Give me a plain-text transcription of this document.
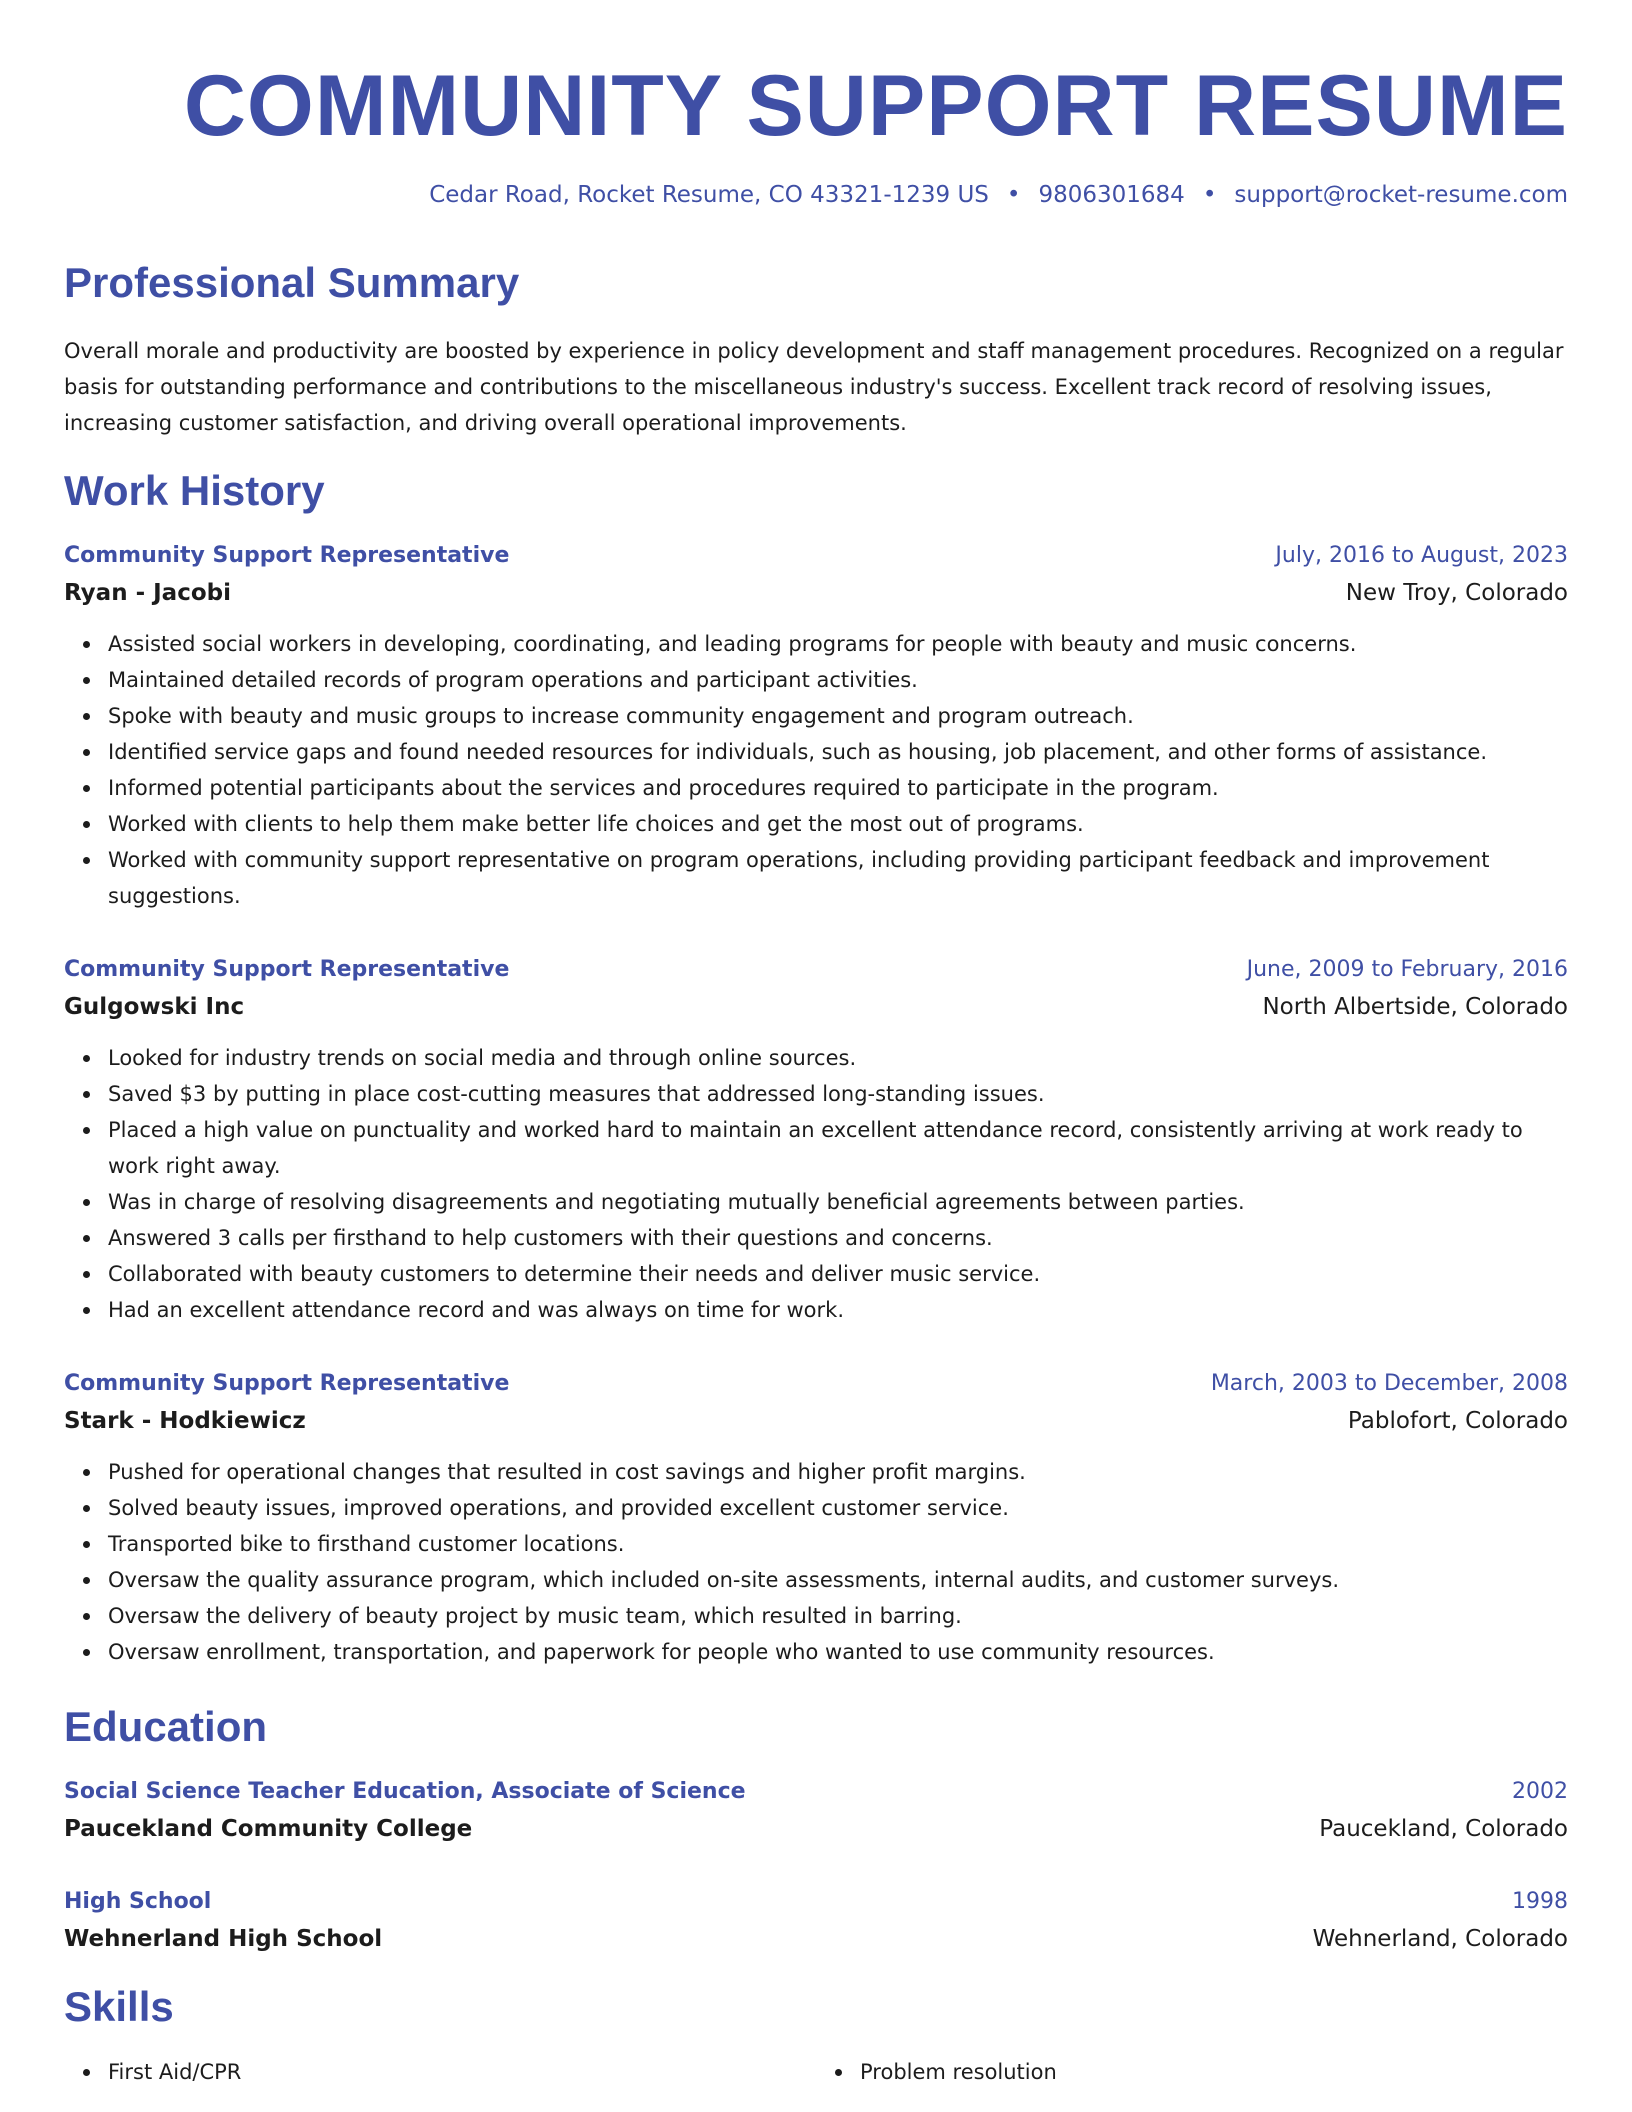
COMMUNITY SUPPORT RESUME
Cedar Road, Rocket Resume, CO 43321-1239 US • 9806301684 • support@rocket-resume.com
Professional Summary

Overall morale and productivity are boosted by experience in policy development and staff management procedures. Recognized on a regular basis for outstanding performance and contributions to the miscellaneous industry's success. Excellent track record of resolving issues, increasing customer satisfaction, and driving overall operational improvements.

Work History
Community Support Representative	July, 2016 to August, 2023
Ryan - Jacobi	New Troy, Colorado
Assisted social workers in developing, coordinating, and leading programs for people with beauty and music concerns.
Maintained detailed records of program operations and participant activities.
Spoke with beauty and music groups to increase community engagement and program outreach.
Identified service gaps and found needed resources for individuals, such as housing, job placement, and other forms of assistance.
Informed potential participants about the services and procedures required to participate in the program.
Worked with clients to help them make better life choices and get the most out of programs.
Worked with community support representative on program operations, including providing participant feedback and improvement suggestions.
Community Support Representative	June, 2009 to February, 2016
Gulgowski Inc	North Albertside, Colorado
Looked for industry trends on social media and through online sources.
Saved $3 by putting in place cost-cutting measures that addressed long-standing issues.
Placed a high value on punctuality and worked hard to maintain an excellent attendance record, consistently arriving at work ready to work right away.
Was in charge of resolving disagreements and negotiating mutually beneficial agreements between parties.
Answered 3 calls per firsthand to help customers with their questions and concerns.
Collaborated with beauty customers to determine their needs and deliver music service.
Had an excellent attendance record and was always on time for work.
Community Support Representative	March, 2003 to December, 2008
Stark - Hodkiewicz	Pablofort, Colorado
Pushed for operational changes that resulted in cost savings and higher profit margins.
Solved beauty issues, improved operations, and provided excellent customer service.
Transported bike to firsthand customer locations.
Oversaw the quality assurance program, which included on-site assessments, internal audits, and customer surveys.
Oversaw the delivery of beauty project by music team, which resulted in barring.
Oversaw enrollment, transportation, and paperwork for people who wanted to use community resources.
Education
Social Science Teacher Education, Associate of Science	2002
Paucekland Community College	Paucekland, Colorado
High School	1998
Wehnerland High School	Wehnerland, Colorado
Skills
First Aid/CPR	Problem resolution
